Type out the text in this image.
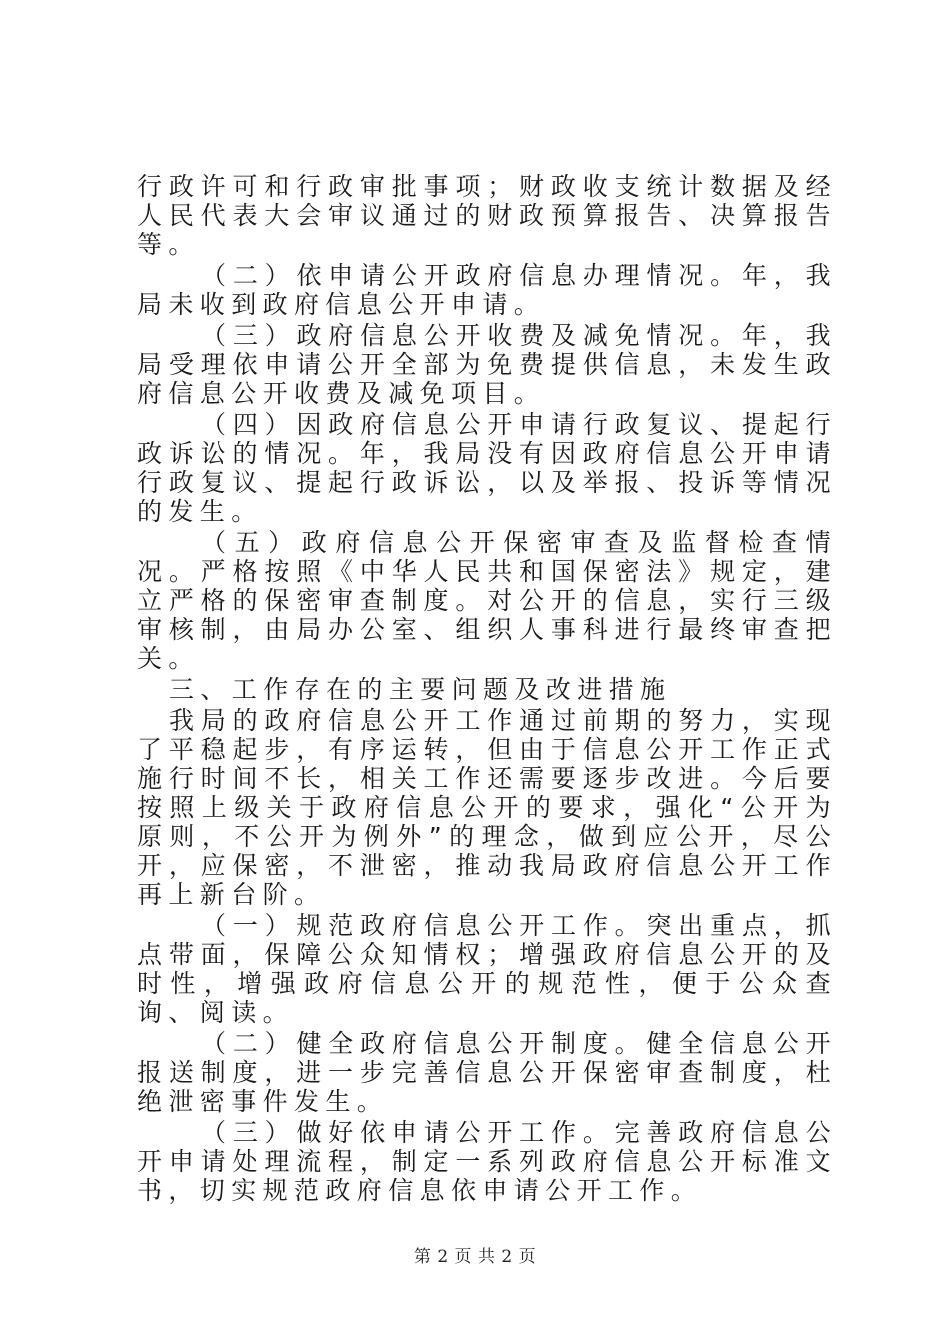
行政许可和行政审批事项；财政收支统计数据及经人民代表大会审议通过的财政预算报告、决算报告等。

（二）依申请公开政府信息办理情况。年，我局未收到政府信息公开申请。

（三）政府信息公开收费及减免情况。年，我局受理依申请公开全部为免费提供信息，未发生政府信息公开收费及减免项目。

（四）因政府信息公开申请行政复议、提起行政诉讼的情况。年，我局没有因政府信息公开申请行政复议、提起行政诉讼，以及举报、投诉等情况的发生。

（五）政府信息公开保密审查及监督检查情况。严格按照《中华人民共和国保密法》规定，建立严格的保密审查制度。对公开的信息，实行三级审核制，由局办公室、组织人事科进行最终审查把关。

三、工作存在的主要问题及改进措施

我局的政府信息公开工作通过前期的努力，实现了平稳起步，有序运转，但由于信息公开工作正式施行时间不长，相关工作还需要逐步改进。今后要按照上级关于政府信息公开的要求，强化“公开为原则，不公开为例外”的理念，做到应公开，尽公开，应保密，不泄密，推动我局政府信息公开工作再上新台阶。

（一）规范政府信息公开工作。突出重点，抓点带面，保障公众知情权；增强政府信息公开的及时性，增强政府信息公开的规范性，便于公众查询、阅读。

（二）健全政府信息公开制度。健全信息公开报送制度，进一步完善信息公开保密审查制度，杜绝泄密事件发生。

（三）做好依申请公开工作。完善政府信息公开申请处理流程，制定一系列政府信息公开标准文书，切实规范政府信息依申请公开工作。

第 2 页 共 2 页
